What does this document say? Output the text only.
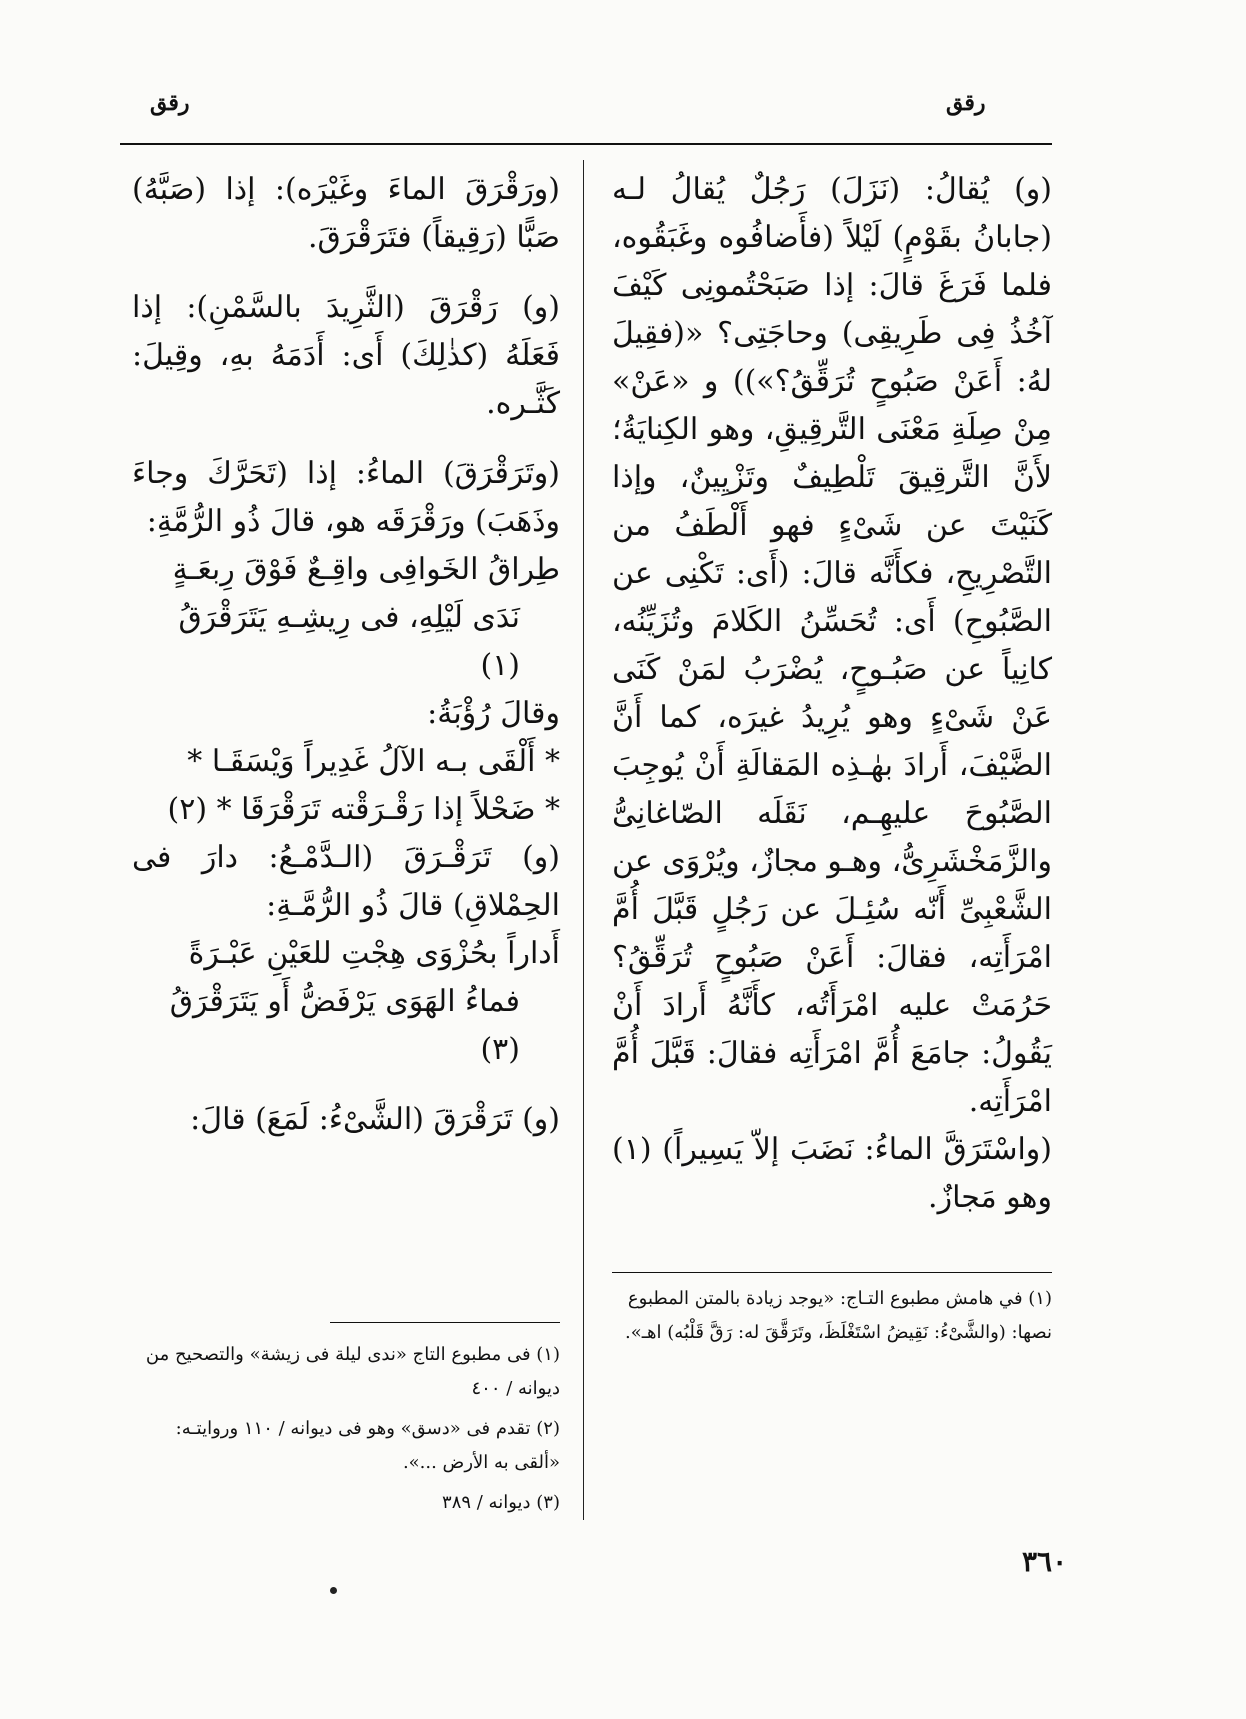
رقق
رقق

(و) يُقالُ: (نَزَلَ) رَجُلٌ يُقالُ لـه (جابانُ بقَوْمٍ) لَيْلاً (فأَضافُوه وغَبَقُوه، فلما فَرَغَ قالَ: إذا صَبَحْتُمونِى كَيْفَ آخُذُ فِى طَرِيقِى) وحاجَتِى؟ «(فقِيلَ لهُ: أَعَنْ صَبُوحٍ تُرَقِّقُ؟»)) و «عَنْ» مِنْ صِلَةِ مَعْنَى التَّرقِيقِ، وهو الكِنايَةُ؛ لأَنَّ التَّرقِيقَ تَلْطِيفٌ وتَزْيِينٌ، وإذا كَنَيْتَ عن شَىْءٍ فهو أَلْطَفُ من التَّصْرِيحِ، فكأَنَّه قالَ: (أَى: تَكْنِى عن الصَّبُوحِ) أَى: تُحَسِّنُ الكَلامَ وتُزَيِّنُه، كانِياً عن صَبُـوحٍ، يُضْرَبُ لمَنْ كَنَى عَنْ شَىْءٍ وهو يُرِيدُ غيرَه، كما أَنَّ الضَّيْفَ، أَرادَ بهٰـذِه المَقالَةِ أَنْ يُوجِبَ الصَّبُوحَ عليهِـم، نَقَلَه الصّاغانِىُّ والزَّمَخْشَرِىُّ، وهـو مجازٌ، ويُرْوَى عن الشَّعْبِىِّ أَنّه سُئِـلَ عن رَجُلٍ قَبَّلَ أُمَّ امْرَأَتِه، فقالَ: أَعَنْ صَبُوحٍ تُرَقِّقُ؟ حَرُمَتْ عليه امْرَأَتُه، كأَنَّهُ أَرادَ أَنْ يَقُولُ: جامَعَ أُمَّ امْرَأَتِه فقالَ: قَبَّلَ أُمَّ امْرَأَتِه.

(واسْتَرَقَّ الماءُ: نَضَبَ إلاّ يَسِيراً) (١) وهو مَجازٌ.

(١) في هامش مطبوع التـاج: «يوجد زيادة بالمتن المطبوع نصها: (والشَّىْءُ: نَقِيضُ اسْتَغْلَظَ، وتَرَقَّقَ له: رَقَّ قَلْبُه) اهـ».

(ورَقْرَقَ الماءَ وغَيْرَه): إذا (صَبَّهُ) صَبًّا (رَقِيقاً) فتَرَقْرَقَ.

(و) رَقْرَقَ (الثَّرِيدَ بالسَّمْنِ): إذا فَعَلَهُ (كذٰلِكَ) أَى: أَدَمَهُ بهِ، وقِيلَ: كَثَّـره.

(وتَرَقْرَقَ) الماءُ: إذا (تَحَرَّكَ وجاءَ وذَهَبَ) ورَقْرَقَه هو، قالَ ذُو الرُّمَّةِ:

طِراقُ الخَوافِى واقِـعٌ فَوْقَ رِبعَـةٍ

نَدَى لَيْلِهِ، فى رِيشِـهِ يَتَرَقْرَقُ (١)

وقالَ رُؤْبَةُ:

* أَلْقَى بـه الآلُ غَدِيراً وَيْسَقَـا *

* ضَحْلاً إذا رَقْـرَقْته تَرَقْرَقَا * (٢)

(و) تَرَقْـرَقَ (الـدَّمْـعُ: دارَ فى الحِمْلاقِ) قالَ ذُو الرُّمَّـةِ:

أَداراً بحُزْوَى هِجْتِ للعَيْنِ عَبْـرَةً

فماءُ الهَوَى يَرْفَضُّ أَو يَتَرَقْرَقُ (٣)

(و) تَرَقْرَقَ (الشَّىْءُ: لَمَعَ) قالَ:

(١) فى مطبوع التاج «ندى ليلة فى زيشة» والتصحيح من ديوانه / ٤٠٠

(٢) تقدم فى «دسق» وهو فى ديوانه / ١١٠ وروايتـه: «ألقى به الأرض ...».

(٣) ديوانه / ٣٨٩

٣٦٠
